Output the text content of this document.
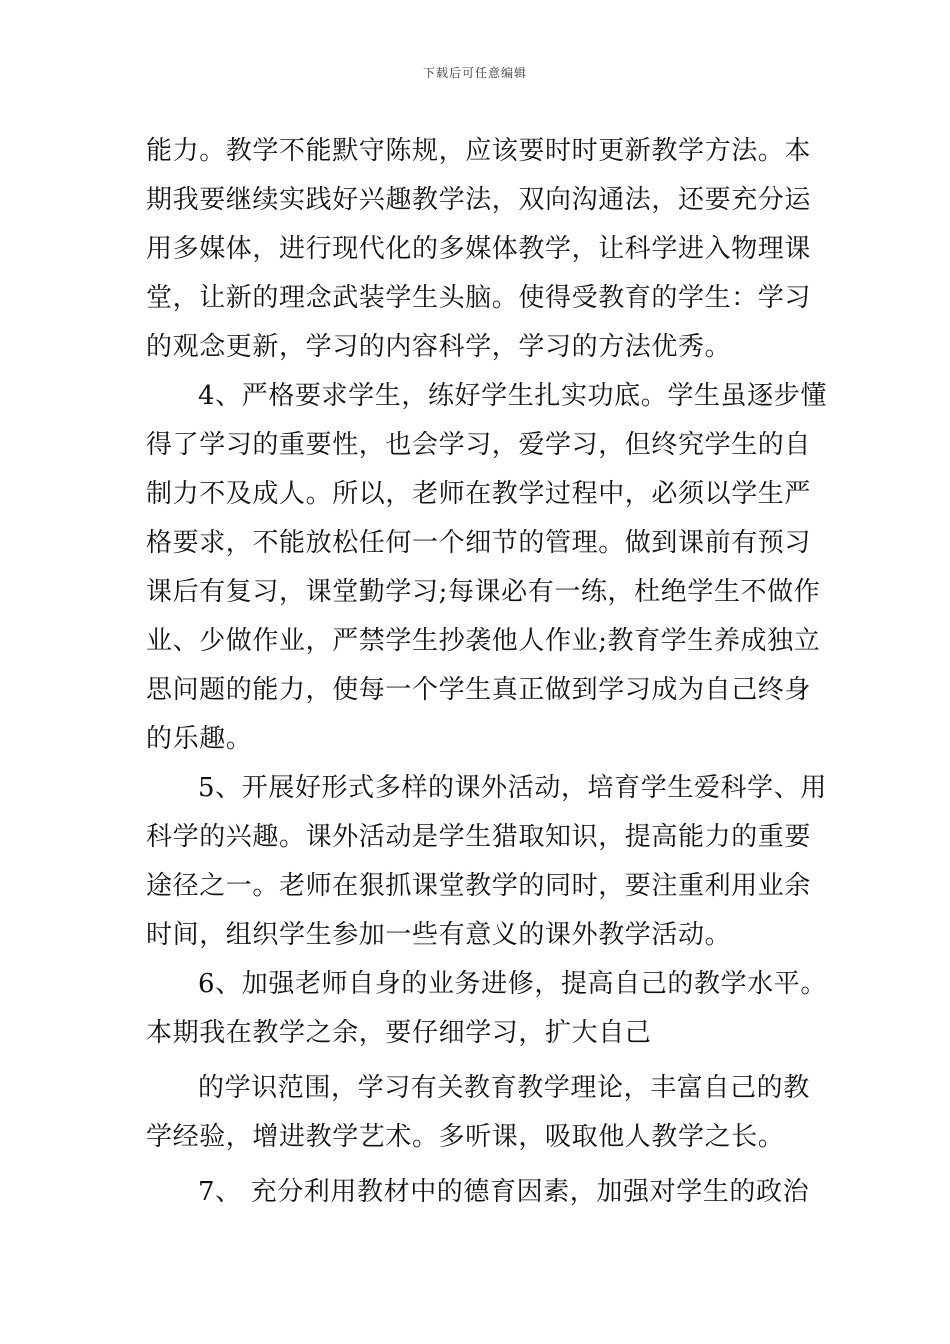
下载后可任意编辑
能力。教学不能默守陈规，应该要时时更新教学方法。本
期我要继续实践好兴趣教学法，双向沟通法，还要充分运
用多媒体，进行现代化的多媒体教学，让科学进入物理课
堂，让新的理念武装学生头脑。使得受教育的学生：学习
的观念更新，学习的内容科学，学习的方法优秀。
4、严格要求学生，练好学生扎实功底。学生虽逐步懂
得了学习的重要性，也会学习，爱学习，但终究学生的自
制力不及成人。所以，老师在教学过程中，必须以学生严
格要求，不能放松任何一个细节的管理。做到课前有预习
课后有复习，课堂勤学习;每课必有一练，杜绝学生不做作
业、少做作业，严禁学生抄袭他人作业;教育学生养成独立
思问题的能力，使每一个学生真正做到学习成为自己终身
的乐趣。
5、开展好形式多样的课外活动，培育学生爱科学、用
科学的兴趣。课外活动是学生猎取知识，提高能力的重要
途径之一。老师在狠抓课堂教学的同时，要注重利用业余
时间，组织学生参加一些有意义的课外教学活动。
6、加强老师自身的业务进修，提高自己的教学水平。
本期我在教学之余，要仔细学习，扩大自己
的学识范围，学习有关教育教学理论，丰富自己的教
学经验，增进教学艺术。多听课，吸取他人教学之长。
7、 充分利用教材中的德育因素，加强对学生的政治
